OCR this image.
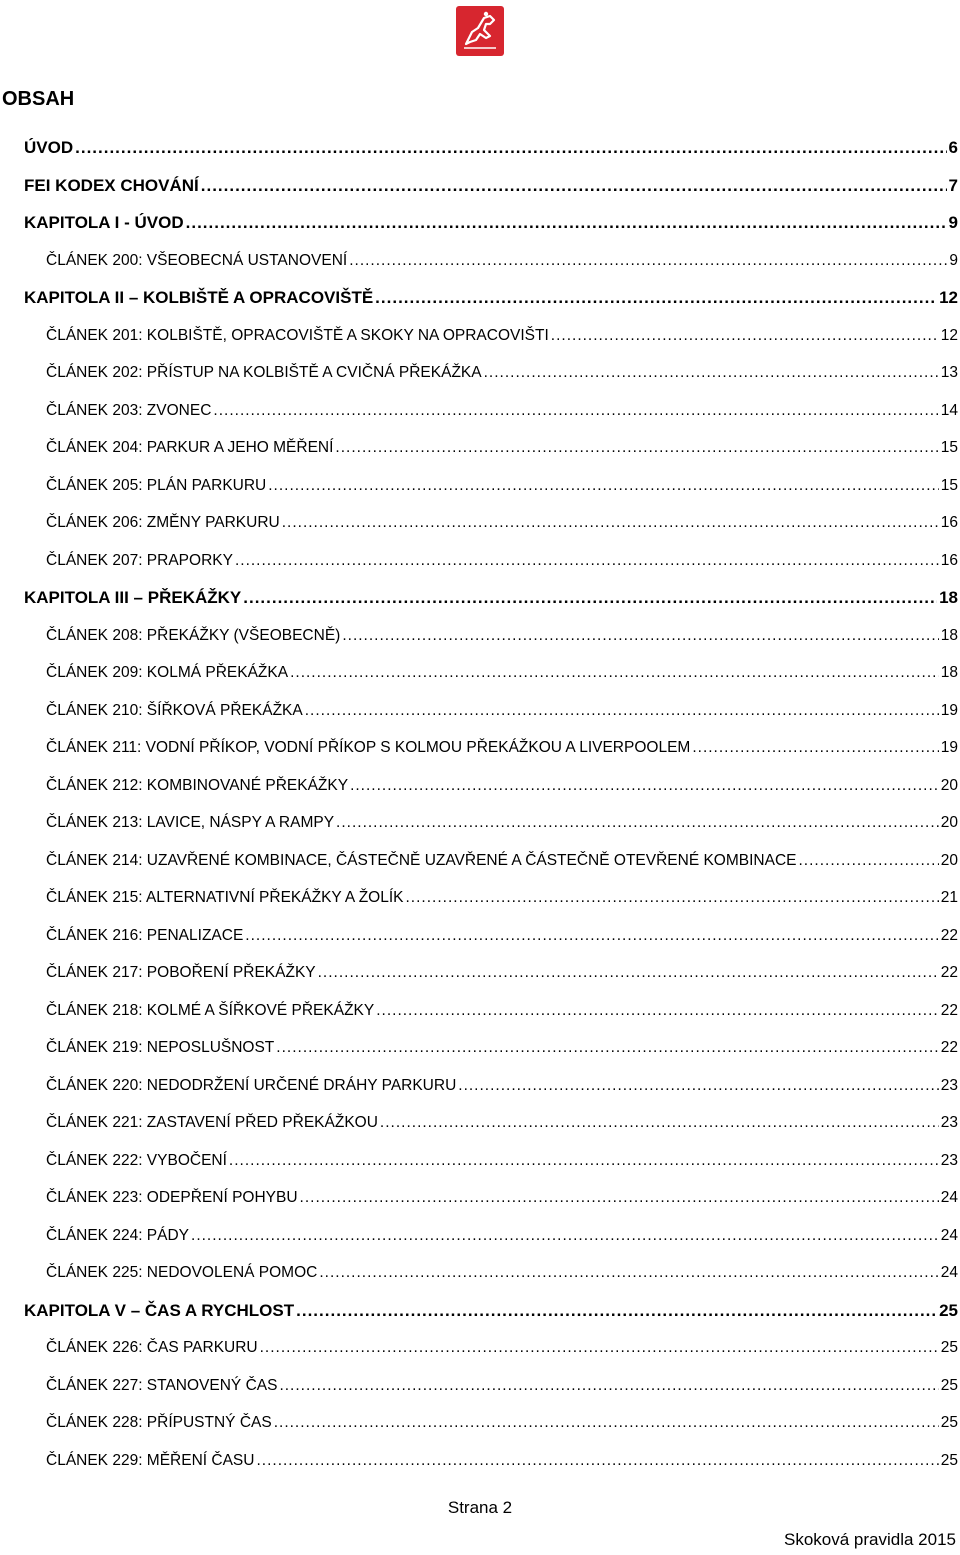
OBSAH
ÚVOD .....	6
FEI KODEX CHOVÁNÍ .....	7
KAPITOLA I - ÚVOD .....	9
ČLÁNEK 200: VŠEOBECNÁ USTANOVENÍ .....	9
KAPITOLA II – KOLBIŠTĚ A OPRACOVIŠTĚ .....	12
ČLÁNEK 201: KOLBIŠTĚ, OPRACOVIŠTĚ A SKOKY NA OPRACOVIŠTI .....	12
ČLÁNEK 202: PŘÍSTUP NA KOLBIŠTĚ A CVIČNÁ PŘEKÁŽKA .....	13
ČLÁNEK 203: ZVONEC .....	14
ČLÁNEK 204: PARKUR A JEHO MĚŘENÍ .....	15
ČLÁNEK 205: PLÁN PARKURU .....	15
ČLÁNEK 206: ZMĚNY PARKURU .....	16
ČLÁNEK 207: PRAPORKY .....	16
KAPITOLA III – PŘEKÁŽKY .....	18
ČLÁNEK 208: PŘEKÁŽKY (VŠEOBECNĚ) .....	18
ČLÁNEK 209: KOLMÁ PŘEKÁŽKA .....	18
ČLÁNEK 210: ŠÍŘKOVÁ PŘEKÁŽKA .....	19
ČLÁNEK 211: VODNÍ PŘÍKOP, VODNÍ PŘÍKOP S KOLMOU PŘEKÁŽKOU A LIVERPOOLEM .....	19
ČLÁNEK 212: KOMBINOVANÉ PŘEKÁŽKY .....	20
ČLÁNEK 213: LAVICE, NÁSPY A RAMPY .....	20
ČLÁNEK 214: UZAVŘENÉ KOMBINACE, ČÁSTEČNĚ UZAVŘENÉ A ČÁSTEČNĚ OTEVŘENÉ KOMBINACE .....	20
ČLÁNEK 215: ALTERNATIVNÍ PŘEKÁŽKY A ŽOLÍK .....	21
ČLÁNEK 216: PENALIZACE .....	22
ČLÁNEK 217: POBOŘENÍ PŘEKÁŽKY .....	22
ČLÁNEK 218: KOLMÉ A ŠÍŘKOVÉ PŘEKÁŽKY .....	22
ČLÁNEK 219: NEPOSLUŠNOST .....	22
ČLÁNEK 220: NEDODRŽENÍ URČENÉ DRÁHY PARKURU .....	23
ČLÁNEK 221: ZASTAVENÍ PŘED PŘEKÁŽKOU .....	23
ČLÁNEK 222: VYBOČENÍ .....	23
ČLÁNEK 223: ODEPŘENÍ POHYBU .....	24
ČLÁNEK 224: PÁDY .....	24
ČLÁNEK 225: NEDOVOLENÁ POMOC .....	24
KAPITOLA V – ČAS A RYCHLOST .....	25
ČLÁNEK 226: ČAS PARKURU .....	25
ČLÁNEK 227: STANOVENÝ ČAS .....	25
ČLÁNEK 228: PŘÍPUSTNÝ ČAS .....	25
ČLÁNEK 229: MĚŘENÍ ČASU .....	25
Strana 2
Skoková pravidla 2015
